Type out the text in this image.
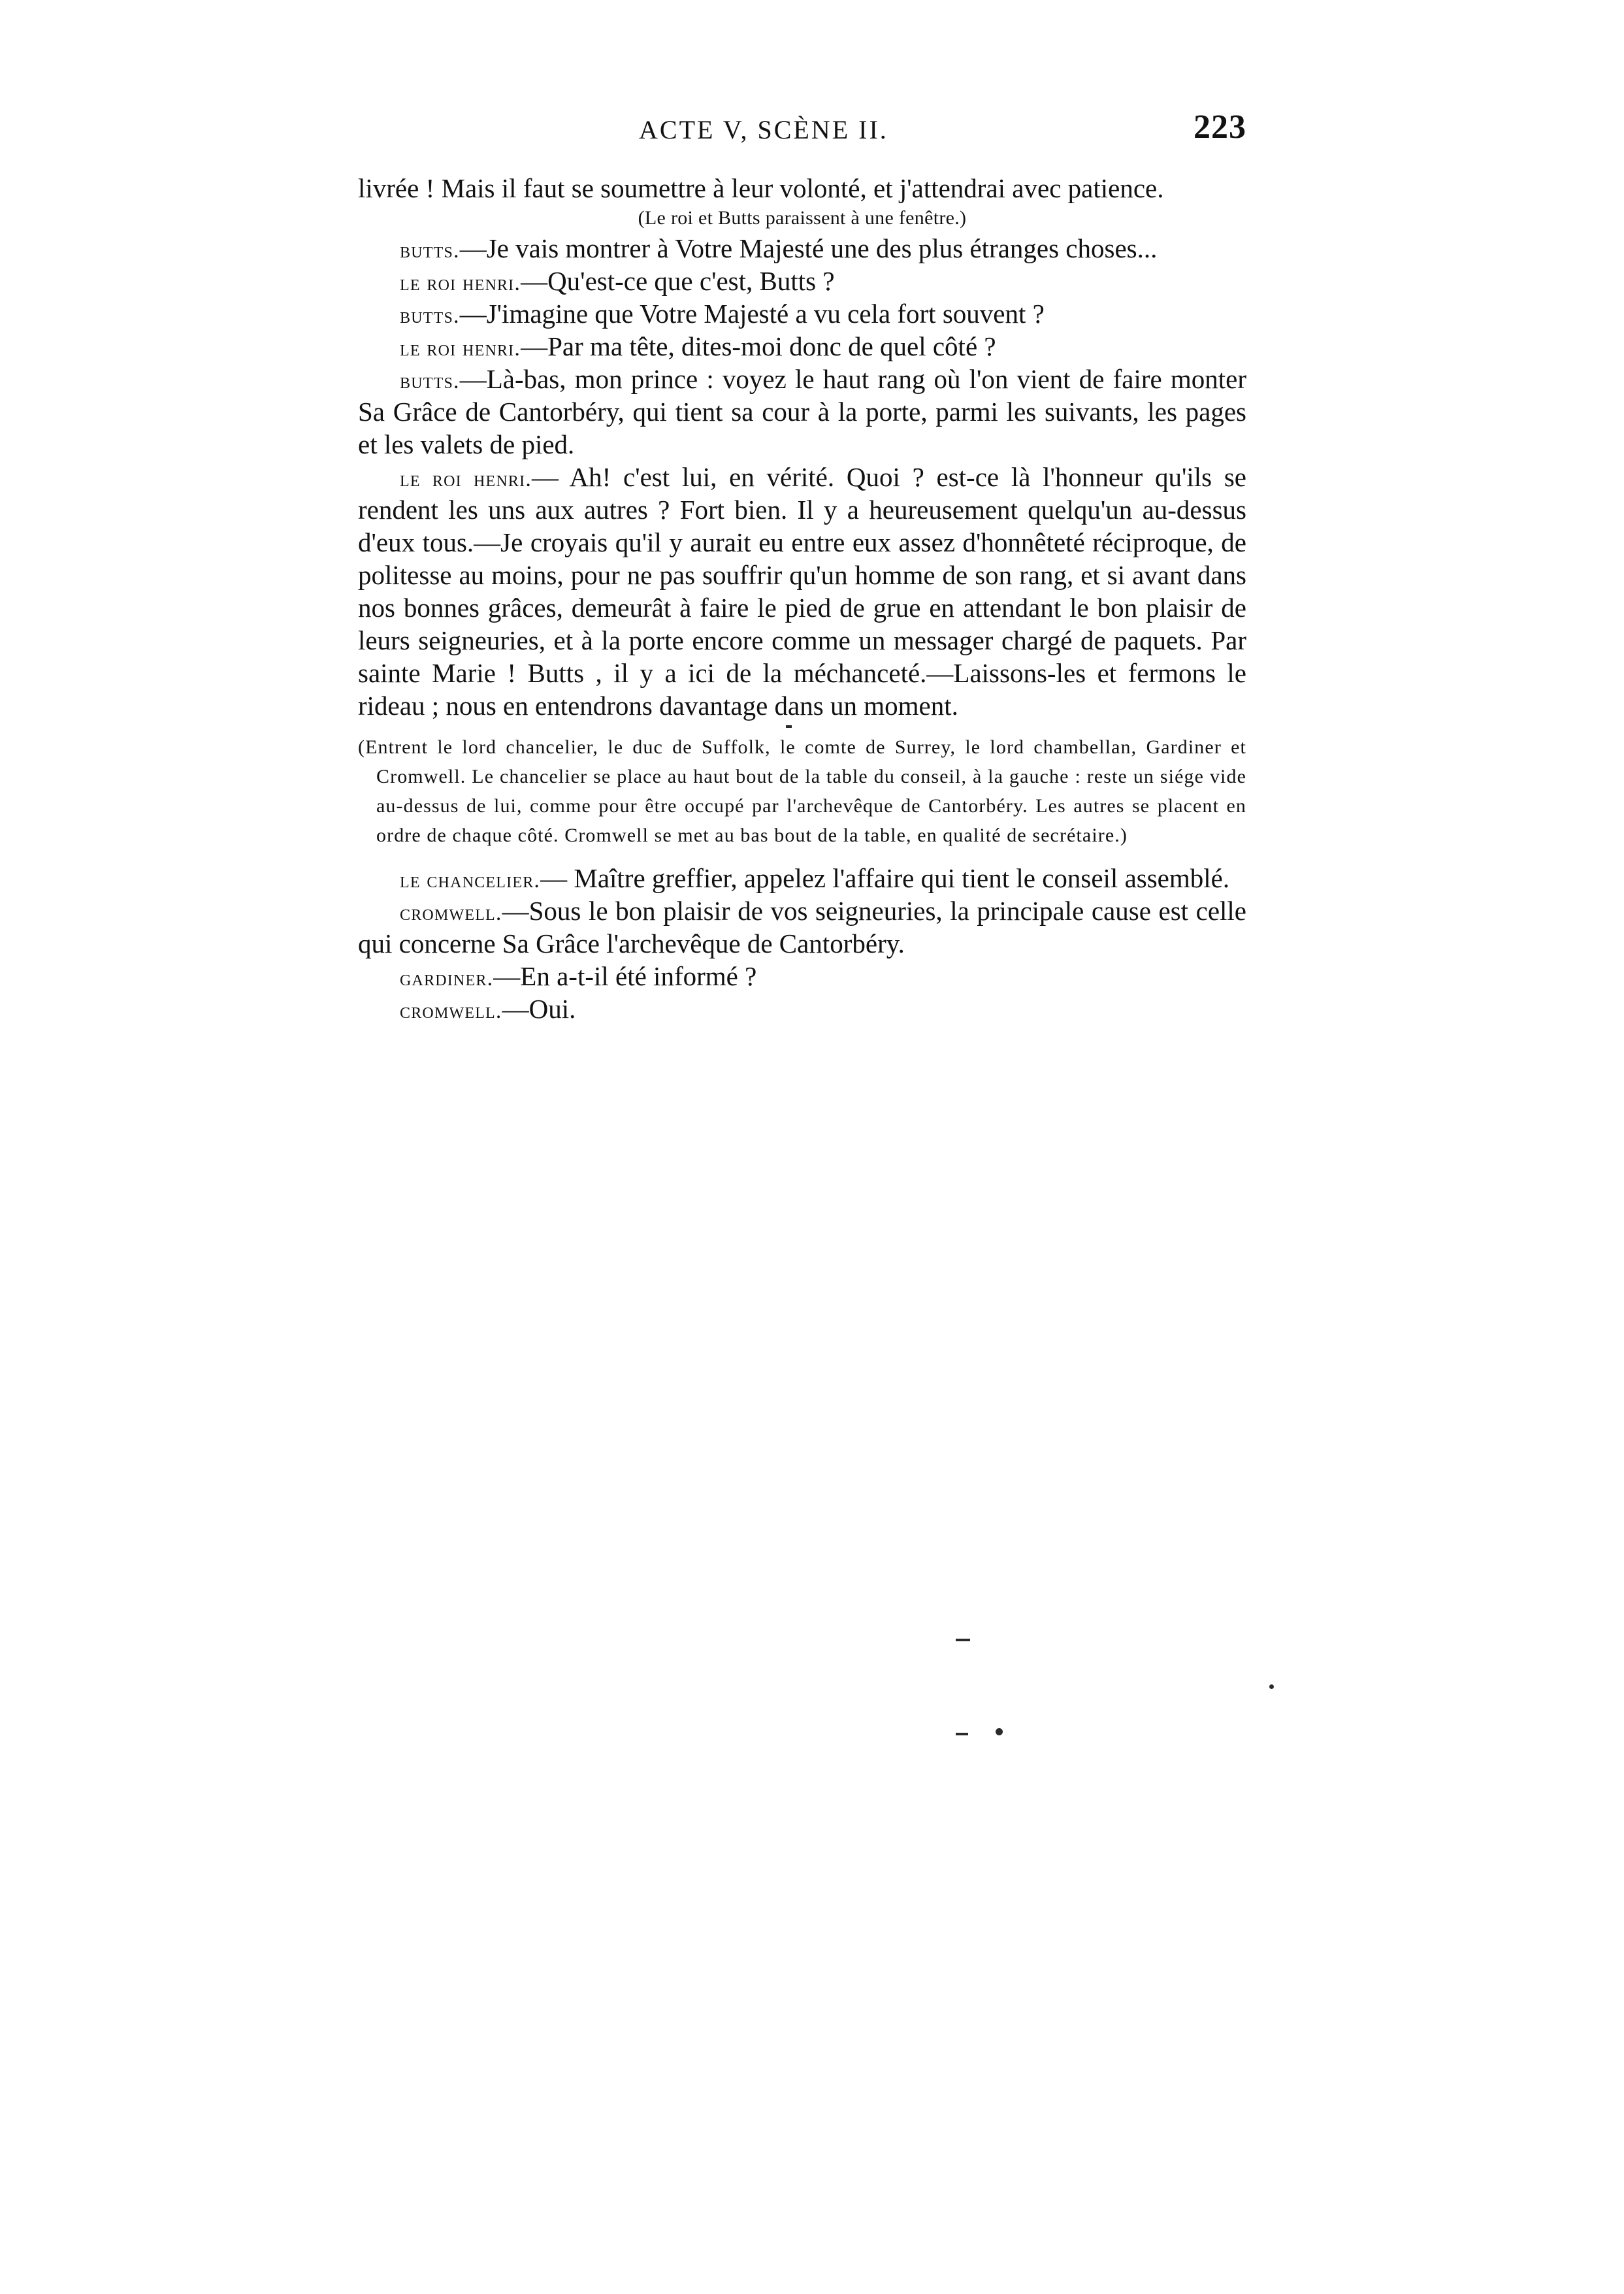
ACTE V, SCÈNE II.	223

livrée ! Mais il faut se soumettre à leur volonté, et j'attendrai avec patience.

(Le roi et Butts paraissent à une fenêtre.)

butts.—Je vais montrer à Votre Majesté une des plus étranges choses...

le roi henri.—Qu'est-ce que c'est, Butts ?

butts.—J'imagine que Votre Majesté a vu cela fort souvent ?

le roi henri.—Par ma tête, dites-moi donc de quel côté ?

butts.—Là-bas, mon prince : voyez le haut rang où l'on vient de faire monter Sa Grâce de Cantorbéry, qui tient sa cour à la porte, parmi les suivants, les pages et les valets de pied.

le roi henri.— Ah! c'est lui, en vérité. Quoi ? est-ce là l'honneur qu'ils se rendent les uns aux autres ? Fort bien. Il y a heureusement quelqu'un au-dessus d'eux tous.—Je croyais qu'il y aurait eu entre eux assez d'honnêteté réciproque, de politesse au moins, pour ne pas souffrir qu'un homme de son rang, et si avant dans nos bonnes grâces, demeurât à faire le pied de grue en attendant le bon plaisir de leurs seigneuries, et à la porte encore comme un messager chargé de paquets. Par sainte Marie ! Butts , il y a ici de la méchanceté.—Laissons-les et fermons le rideau ; nous en entendrons davantage dans un moment.

(Entrent le lord chancelier, le duc de Suffolk, le comte de Surrey, le lord chambellan, Gardiner et Cromwell. Le chancelier se place au haut bout de la table du conseil, à la gauche : reste un siége vide au-dessus de lui, comme pour être occupé par l'archevêque de Cantorbéry. Les autres se placent en ordre de chaque côté. Cromwell se met au bas bout de la table, en qualité de secrétaire.)

le chancelier.— Maître greffier, appelez l'affaire qui tient le conseil assemblé.

cromwell.—Sous le bon plaisir de vos seigneuries, la principale cause est celle qui concerne Sa Grâce l'archevêque de Cantorbéry.

gardiner.—En a-t-il été informé ?

cromwell.—Oui.
